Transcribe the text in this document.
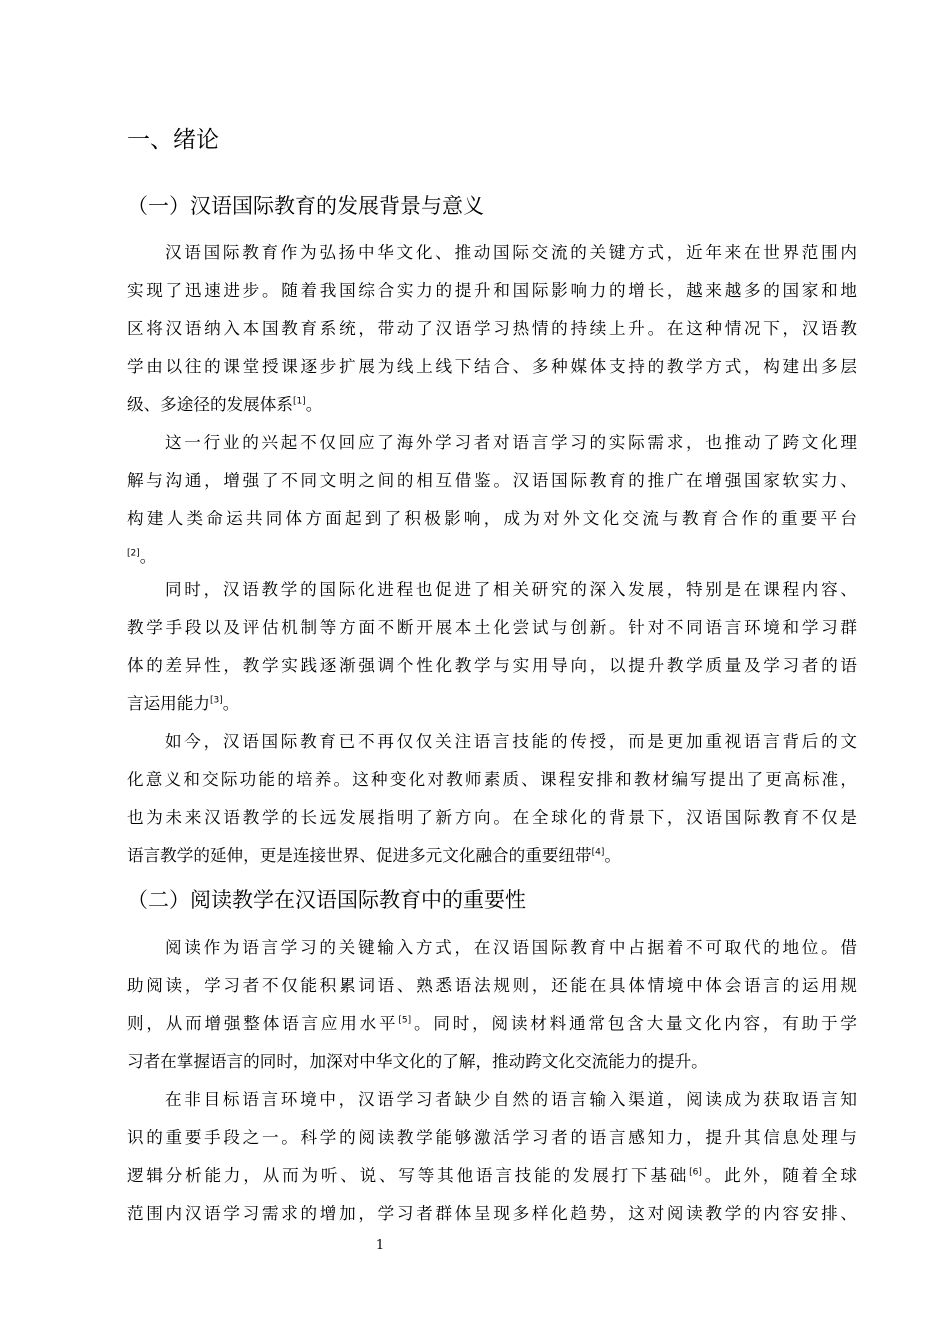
一、绪论
（一）汉语国际教育的发展背景与意义
汉语国际教育作为弘扬中华文化、推动国际交流的关键方式，近年来在世界范围内
实现了迅速进步。随着我国综合实力的提升和国际影响力的增长，越来越多的国家和地
区将汉语纳入本国教育系统，带动了汉语学习热情的持续上升。在这种情况下，汉语教
学由以往的课堂授课逐步扩展为线上线下结合、多种媒体支持的教学方式，构建出多层
级、多途径的发展体系[1]。
这一行业的兴起不仅回应了海外学习者对语言学习的实际需求，也推动了跨文化理
解与沟通，增强了不同文明之间的相互借鉴。汉语国际教育的推广在增强国家软实力、
构建人类命运共同体方面起到了积极影响，成为对外文化交流与教育合作的重要平台
[2]。
同时，汉语教学的国际化进程也促进了相关研究的深入发展，特别是在课程内容、
教学手段以及评估机制等方面不断开展本土化尝试与创新。针对不同语言环境和学习群
体的差异性，教学实践逐渐强调个性化教学与实用导向，以提升教学质量及学习者的语
言运用能力[3]。
如今，汉语国际教育已不再仅仅关注语言技能的传授，而是更加重视语言背后的文
化意义和交际功能的培养。这种变化对教师素质、课程安排和教材编写提出了更高标准，
也为未来汉语教学的长远发展指明了新方向。在全球化的背景下，汉语国际教育不仅是
语言教学的延伸，更是连接世界、促进多元文化融合的重要纽带[4]。
（二）阅读教学在汉语国际教育中的重要性
阅读作为语言学习的关键输入方式，在汉语国际教育中占据着不可取代的地位。借
助阅读，学习者不仅能积累词语、熟悉语法规则，还能在具体情境中体会语言的运用规
则，从而增强整体语言应用水平[5]。同时，阅读材料通常包含大量文化内容，有助于学
习者在掌握语言的同时，加深对中华文化的了解，推动跨文化交流能力的提升。
在非目标语言环境中，汉语学习者缺少自然的语言输入渠道，阅读成为获取语言知
识的重要手段之一。科学的阅读教学能够激活学习者的语言感知力，提升其信息处理与
逻辑分析能力，从而为听、说、写等其他语言技能的发展打下基础[6]。此外，随着全球
范围内汉语学习需求的增加，学习者群体呈现多样化趋势，这对阅读教学的内容安排、
1
